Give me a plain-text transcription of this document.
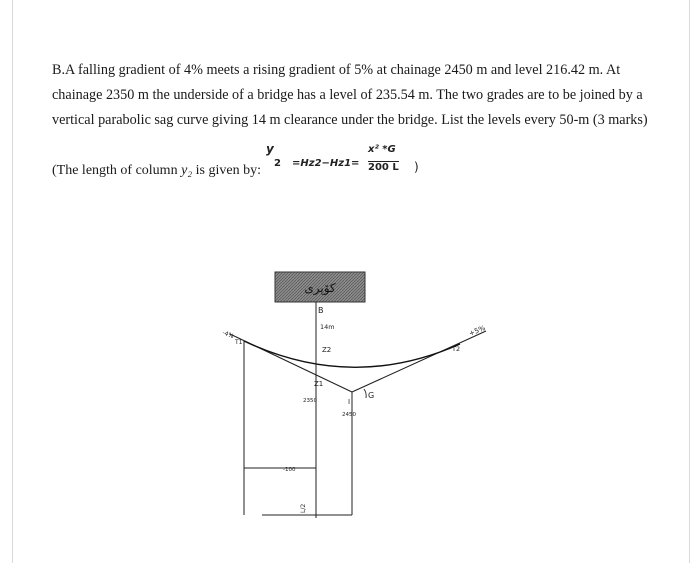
B.A falling gradient of 4% meets a rising gradient of 5% at chainage 2450 m and level 216.42 m. At

chainage 2350 m the underside of a bridge has a level of 235.54 m. The two grades are to be joined by a

vertical parabolic sag curve giving 14 m clearance under the bridge. List the levels every 50-m (3 marks)

(The length of column y₂ is given by:
y
2 =Hz2−Hz1=
x² *G
200 L )
کۆپری
B
14m
Z2
Z1
I
G
T1
T2
-4%	+5%
2350
2450
-100
L/2
